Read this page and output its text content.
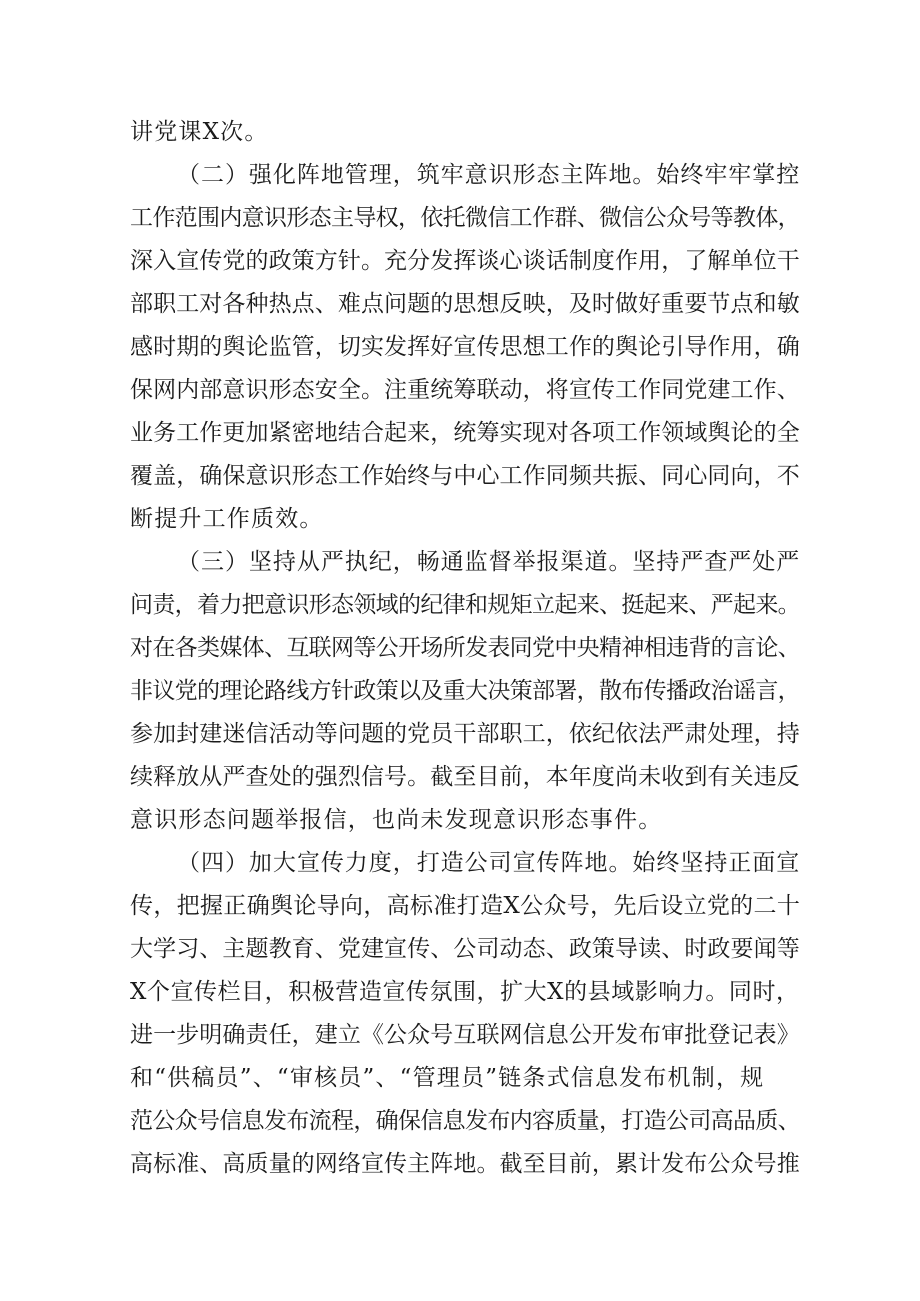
讲党课X次。
（二）强化阵地管理，筑牢意识形态主阵地。始终牢牢掌控
工作范围内意识形态主导权，依托微信工作群、微信公众号等教体，
深入宣传党的政策方针。充分发挥谈心谈话制度作用，了解单位干
部职工对各种热点、难点问题的思想反映，及时做好重要节点和敏
感时期的舆论监管，切实发挥好宣传思想工作的舆论引导作用，确
保网内部意识形态安全。注重统筹联动，将宣传工作同党建工作、
业务工作更加紧密地结合起来，统筹实现对各项工作领域舆论的全
覆盖，确保意识形态工作始终与中心工作同频共振、同心同向，不
断提升工作质效。
（三）坚持从严执纪，畅通监督举报渠道。坚持严查严处严
问责，着力把意识形态领域的纪律和规矩立起来、挺起来、严起来。
对在各类媒体、互联网等公开场所发表同党中央精神相违背的言论、
非议党的理论路线方针政策以及重大决策部署，散布传播政治谣言，
参加封建迷信活动等问题的党员干部职工，依纪依法严肃处理，持
续释放从严查处的强烈信号。截至目前，本年度尚未收到有关违反
意识形态问题举报信，也尚未发现意识形态事件。
（四）加大宣传力度，打造公司宣传阵地。始终坚持正面宣
传，把握正确舆论导向，高标准打造X公众号，先后设立党的二十
大学习、主题教育、党建宣传、公司动态、政策导读、时政要闻等
X个宣传栏目，积极营造宣传氛围，扩大X的县域影响力。同时，
进一步明确责任，建立《公众号互联网信息公开发布审批登记表》
和“供稿员”、“审核员”、“管理员”链条式信息发布机制，规
范公众号信息发布流程，确保信息发布内容质量，打造公司高品质、
高标准、高质量的网络宣传主阵地。截至目前，累计发布公众号推
